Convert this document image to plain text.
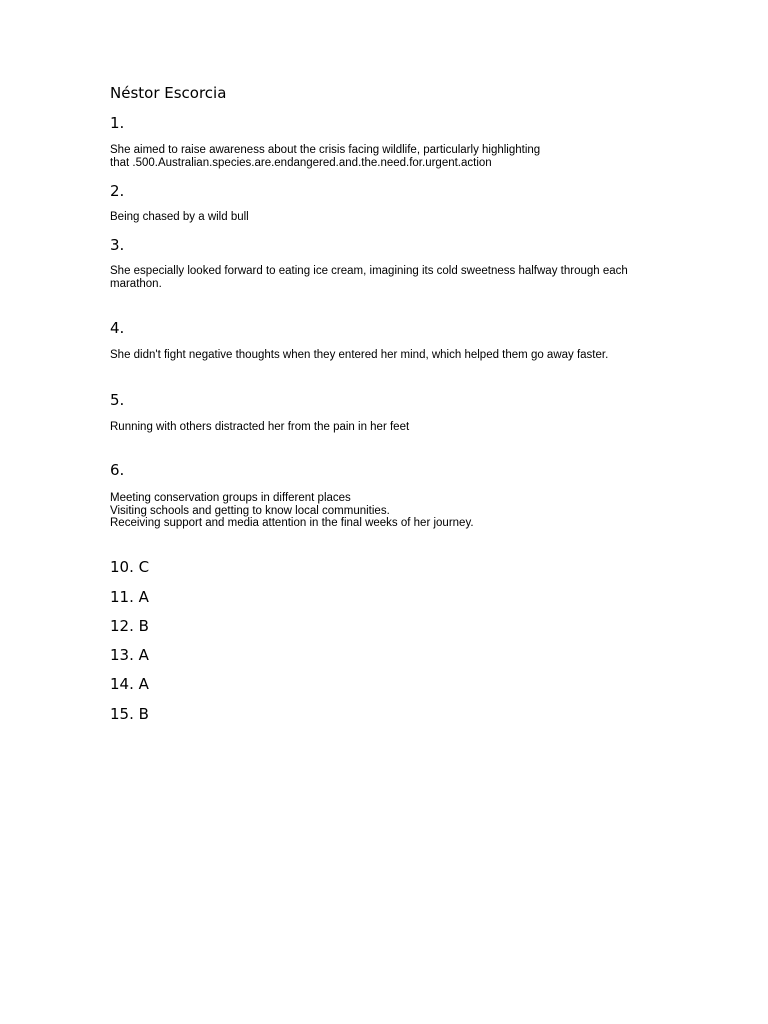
Néstor Escorcia
1.
She aimed to raise awareness about the crisis facing wildlife, particularly highlighting
that .500.Australian.species.are.endangered.and.the.need.for.urgent.action
2.
Being chased by a wild bull
3.
She especially looked forward to eating ice cream, imagining its cold sweetness halfway through each marathon.
4.
She didn't fight negative thoughts when they entered her mind, which helped them go away faster.
5.
Running with others distracted her from the pain in her feet
6.
Meeting conservation groups in different places
Visiting schools and getting to know local communities.
Receiving support and media attention in the final weeks of her journey.
10. C
11. A
12. B
13. A
14. A
15. B
